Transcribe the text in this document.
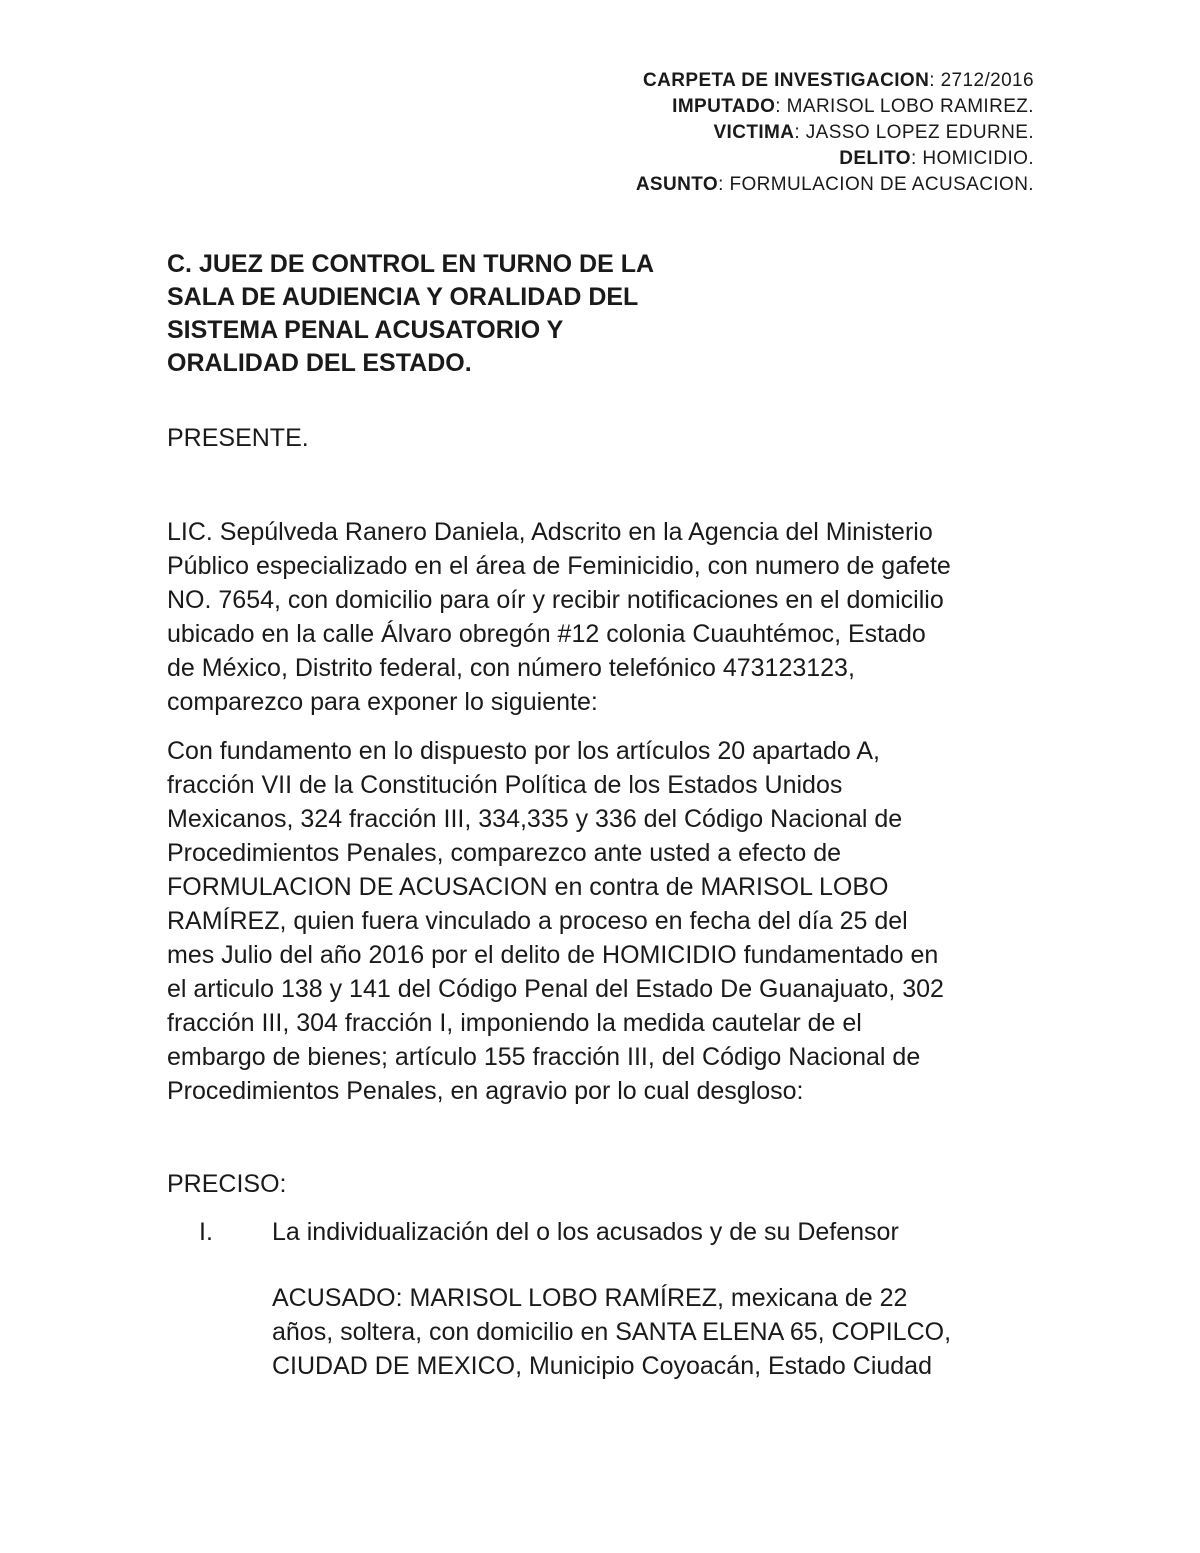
CARPETA DE INVESTIGACION: 2712/2016
IMPUTADO: MARISOL LOBO RAMIREZ.
VICTIMA: JASSO LOPEZ EDURNE.
DELITO: HOMICIDIO.
ASUNTO: FORMULACION DE ACUSACION.
C. JUEZ DE CONTROL EN TURNO DE LA
SALA DE AUDIENCIA Y ORALIDAD DEL
SISTEMA PENAL ACUSATORIO Y
ORALIDAD DEL ESTADO.
PRESENTE.
LIC. Sepúlveda Ranero Daniela, Adscrito en la Agencia del Ministerio
Público especializado en el área de Feminicidio, con numero de gafete
NO. 7654, con domicilio para oír y recibir notificaciones en el domicilio
ubicado en la calle Álvaro obregón #12 colonia Cuauhtémoc, Estado
de México, Distrito federal, con número telefónico 473123123,
comparezco para exponer lo siguiente:
Con fundamento en lo dispuesto por los artículos 20 apartado A,
fracción VII de la Constitución Política de los Estados Unidos
Mexicanos, 324 fracción III, 334,335 y 336 del Código Nacional de
Procedimientos Penales, comparezco ante usted a efecto de
FORMULACION DE ACUSACION en contra de MARISOL LOBO
RAMÍREZ, quien fuera vinculado a proceso en fecha del día 25 del
mes Julio del año 2016 por el delito de HOMICIDIO fundamentado en
el articulo 138 y 141 del Código Penal del Estado De Guanajuato, 302
fracción III, 304 fracción I, imponiendo la medida cautelar de el
embargo de bienes; artículo 155 fracción III, del Código Nacional de
Procedimientos Penales, en agravio por lo cual desgloso:
PRECISO:
I. La individualización del o los acusados y de su Defensor
ACUSADO: MARISOL LOBO RAMÍREZ, mexicana de 22
años, soltera, con domicilio en SANTA ELENA 65, COPILCO,
CIUDAD DE MEXICO, Municipio Coyoacán, Estado Ciudad
